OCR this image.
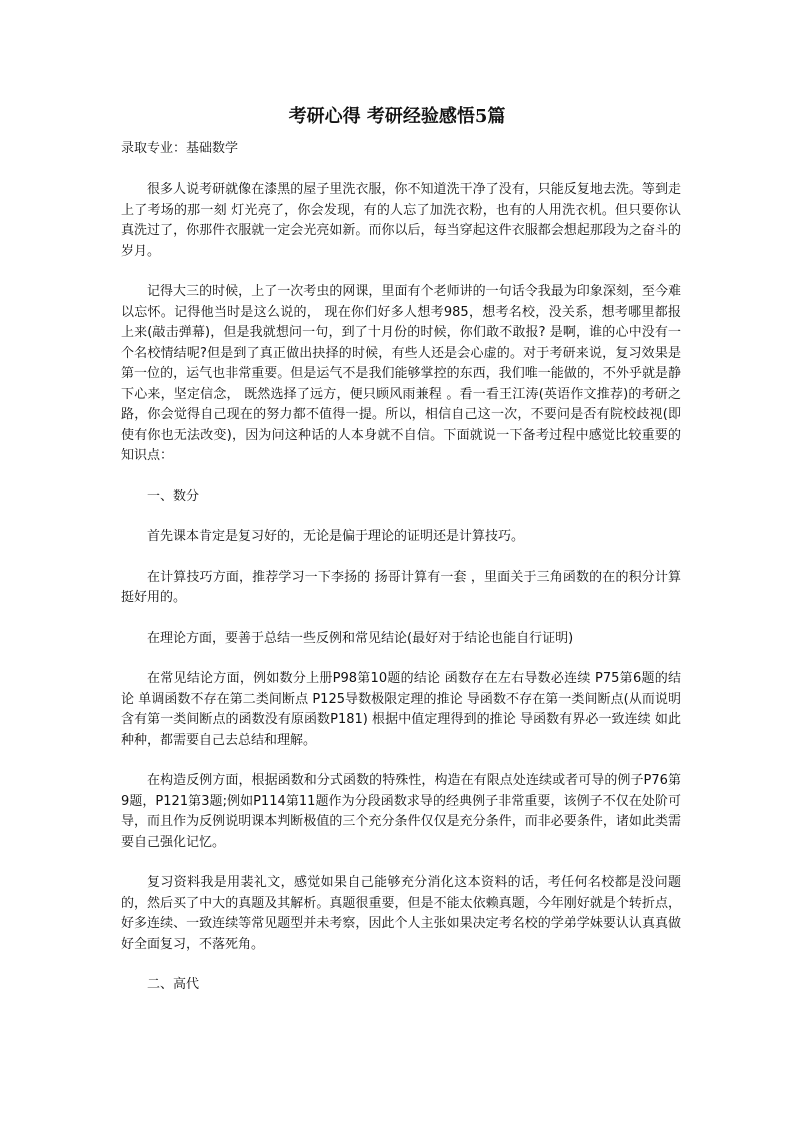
考研心得 考研经验感悟5篇
录取专业：基础数学

很多人说考研就像在漆黑的屋子里洗衣服，你不知道洗干净了没有，只能反复地去洗。等到走上了考场的那一刻 灯光亮了，你会发现，有的人忘了加洗衣粉，也有的人用洗衣机。但只要你认真洗过了，你那件衣服就一定会光亮如新。而你以后，每当穿起这件衣服都会想起那段为之奋斗的岁月。

记得大三的时候，上了一次考虫的网课，里面有个老师讲的一句话令我最为印象深刻，至今难以忘怀。记得他当时是这么说的， 现在你们好多人想考985，想考名校，没关系，想考哪里都报上来(敲击弹幕)，但是我就想问一句，到了十月份的时候，你们敢不敢报? 是啊，谁的心中没有一个名校情结呢?但是到了真正做出抉择的时候，有些人还是会心虚的。对于考研来说，复习效果是第一位的，运气也非常重要。但是运气不是我们能够掌控的东西，我们唯一能做的，不外乎就是静下心来，坚定信念， 既然选择了远方，便只顾风雨兼程 。看一看王江涛(英语作文推荐)的考研之路，你会觉得自己现在的努力都不值得一提。所以，相信自己这一次，不要问是否有院校歧视(即使有你也无法改变)，因为问这种话的人本身就不自信。下面就说一下备考过程中感觉比较重要的知识点：

一、数分

首先课本肯定是复习好的，无论是偏于理论的证明还是计算技巧。

在计算技巧方面，推荐学习一下李扬的 扬哥计算有一套 ，里面关于三角函数的在的积分计算挺好用的。

在理论方面，要善于总结一些反例和常见结论(最好对于结论也能自行证明)

在常见结论方面，例如数分上册P98第10题的结论 函数存在左右导数必连续 P75第6题的结论 单调函数不存在第二类间断点 P125导数极限定理的推论 导函数不存在第一类间断点(从而说明含有第一类间断点的函数没有原函数P181) 根据中值定理得到的推论 导函数有界必一致连续 如此种种，都需要自己去总结和理解。

在构造反例方面，根据函数和分式函数的特殊性，构造在有限点处连续或者可导的例子P76第9题，P121第3题;例如P114第11题作为分段函数求导的经典例子非常重要，该例子不仅在处阶可导，而且作为反例说明课本判断极值的三个充分条件仅仅是充分条件，而非必要条件，诸如此类需要自己强化记忆。

复习资料我是用裴礼文，感觉如果自己能够充分消化这本资料的话，考任何名校都是没问题的，然后买了中大的真题及其解析。真题很重要，但是不能太依赖真题，今年刚好就是个转折点，好多连续、一致连续等常见题型并未考察，因此个人主张如果决定考名校的学弟学妹要认认真真做好全面复习，不落死角。

二、高代
